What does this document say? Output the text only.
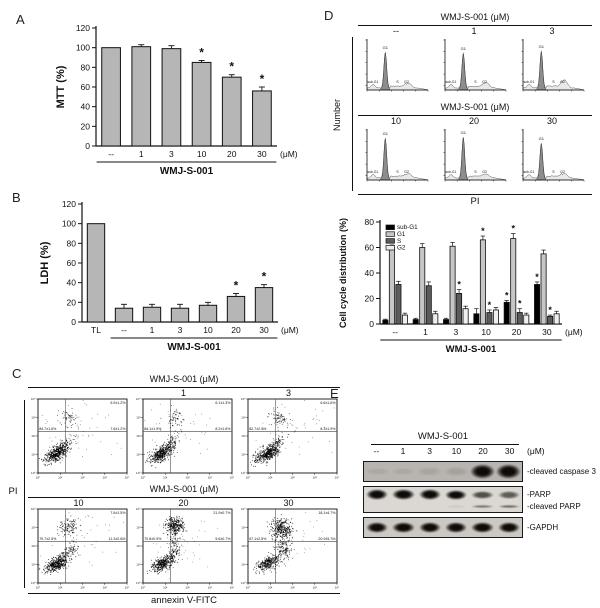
A
0
20
40
60
80
100
120
MTT (%)
--	1	3
*
10
*
20
*
30 (μM)
WMJ-S-001
B
0
20
40
60
80
100
120
LDH (%)
TL --	1	3 10
*
20
*
30 (μM)
WMJ-S-001
C	WMJ-S-001 (μM)
1	3
10⁰
10⁰
10¹
10¹
10²
10²
10³
10³
10⁴
10⁴
5.9±1.2%
84.7±1.6%	7.6±1.2%
10⁰
10⁰
10¹
10¹
10²
10²
10³
10³
10⁴
10⁴
6.1±1.3%
84.1±1.9%	8.2±1.6%
10⁰
10⁰
10¹
10¹
10²
10²
10³
10³
10⁴
10⁴
6.6±1.6%
82.7±2.5%	8.3±1.9%
WMJ-S-001 (μM)
10	20	30
10⁰
10⁰
10¹
10¹
10²
10²
10³
10³
10⁴
10⁴
7.6±1.5%
79.7±2.5%	11.3±2.6%
10⁰
10⁰
10¹
10¹
10²
10²
10³
10³
10⁴
10⁴
21.9±0.7%
70.8±0.9%	5.6±0.7%
10⁰
10⁰
10¹
10¹
10²
10²
10³
10³
10⁴
10⁴
18.1±4.7%
57.1±2.5%	20.9±4.7%
PI
annexin V-FITC
D	WMJ-S-001 (μM)
--	1	3
G1
sub-G1	S G2
G1
sub-G1	S G2
G1
sub-G1	S G2
WMJ-S-001 (μM)
10	20	30
G1
sub-G1	S G2
G1
sub-G1	S G2
G1
sub-G1	S G2
Number
PI
0
20
40
60
80
Cell cycle distribution (%)
--	1
*
3
*
*
10
*
*
*
20
*
*
30 (μM)
WMJ-S-001
sub-G1
G1
S
G2
E
WMJ-S-001
--	1	3	10	20	30	(μM)
-cleaved caspase 3
-PARP
-cleaved PARP
-GAPDH
